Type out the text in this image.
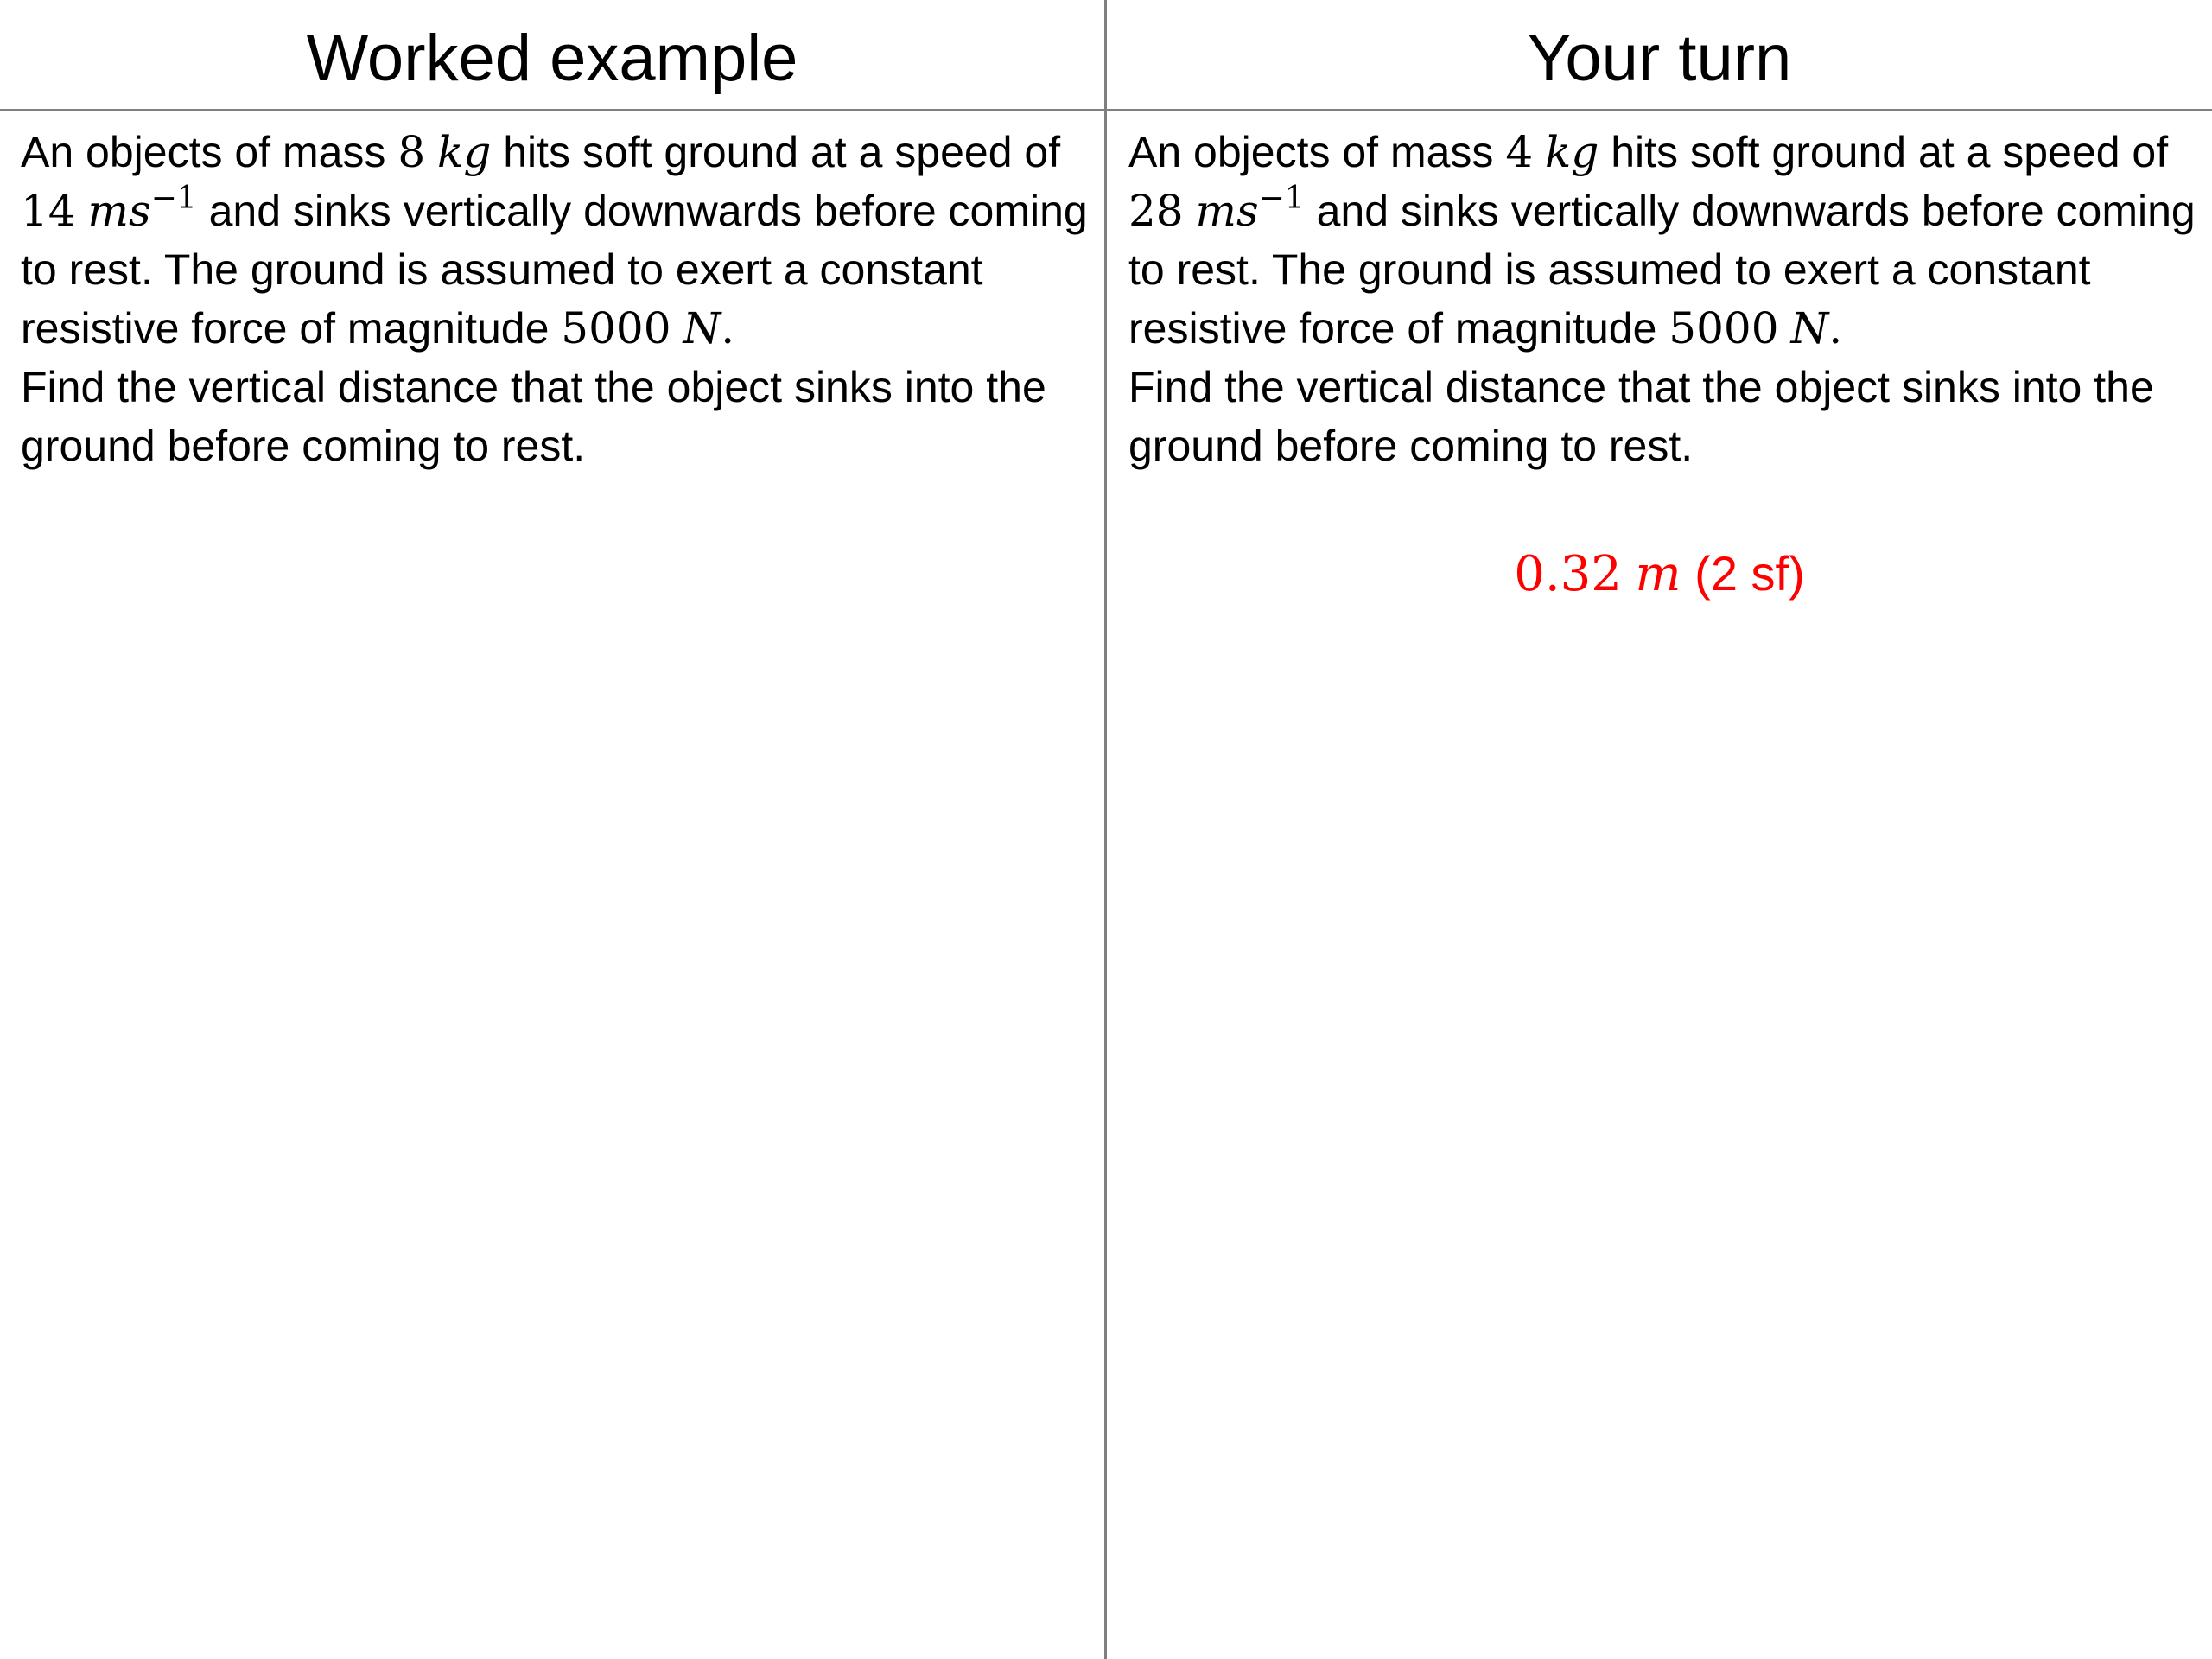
Worked example	Your turn
An objects of mass 8 kg hits soft ground at a speed of 14 $ms^{-1}$ and sinks vertically downwards before coming to rest. The ground is assumed to exert a constant resistive force of magnitude 5000 N.
Find the vertical distance that the object sinks into the ground before coming to rest.
An objects of mass 4 kg hits soft ground at a speed of 28 $ms^{-1}$ and sinks vertically downwards before coming to rest. The ground is assumed to exert a constant resistive force of magnitude 5000 N.
Find the vertical distance that the object sinks into the ground before coming to rest.
0.32 m (2 sf)
